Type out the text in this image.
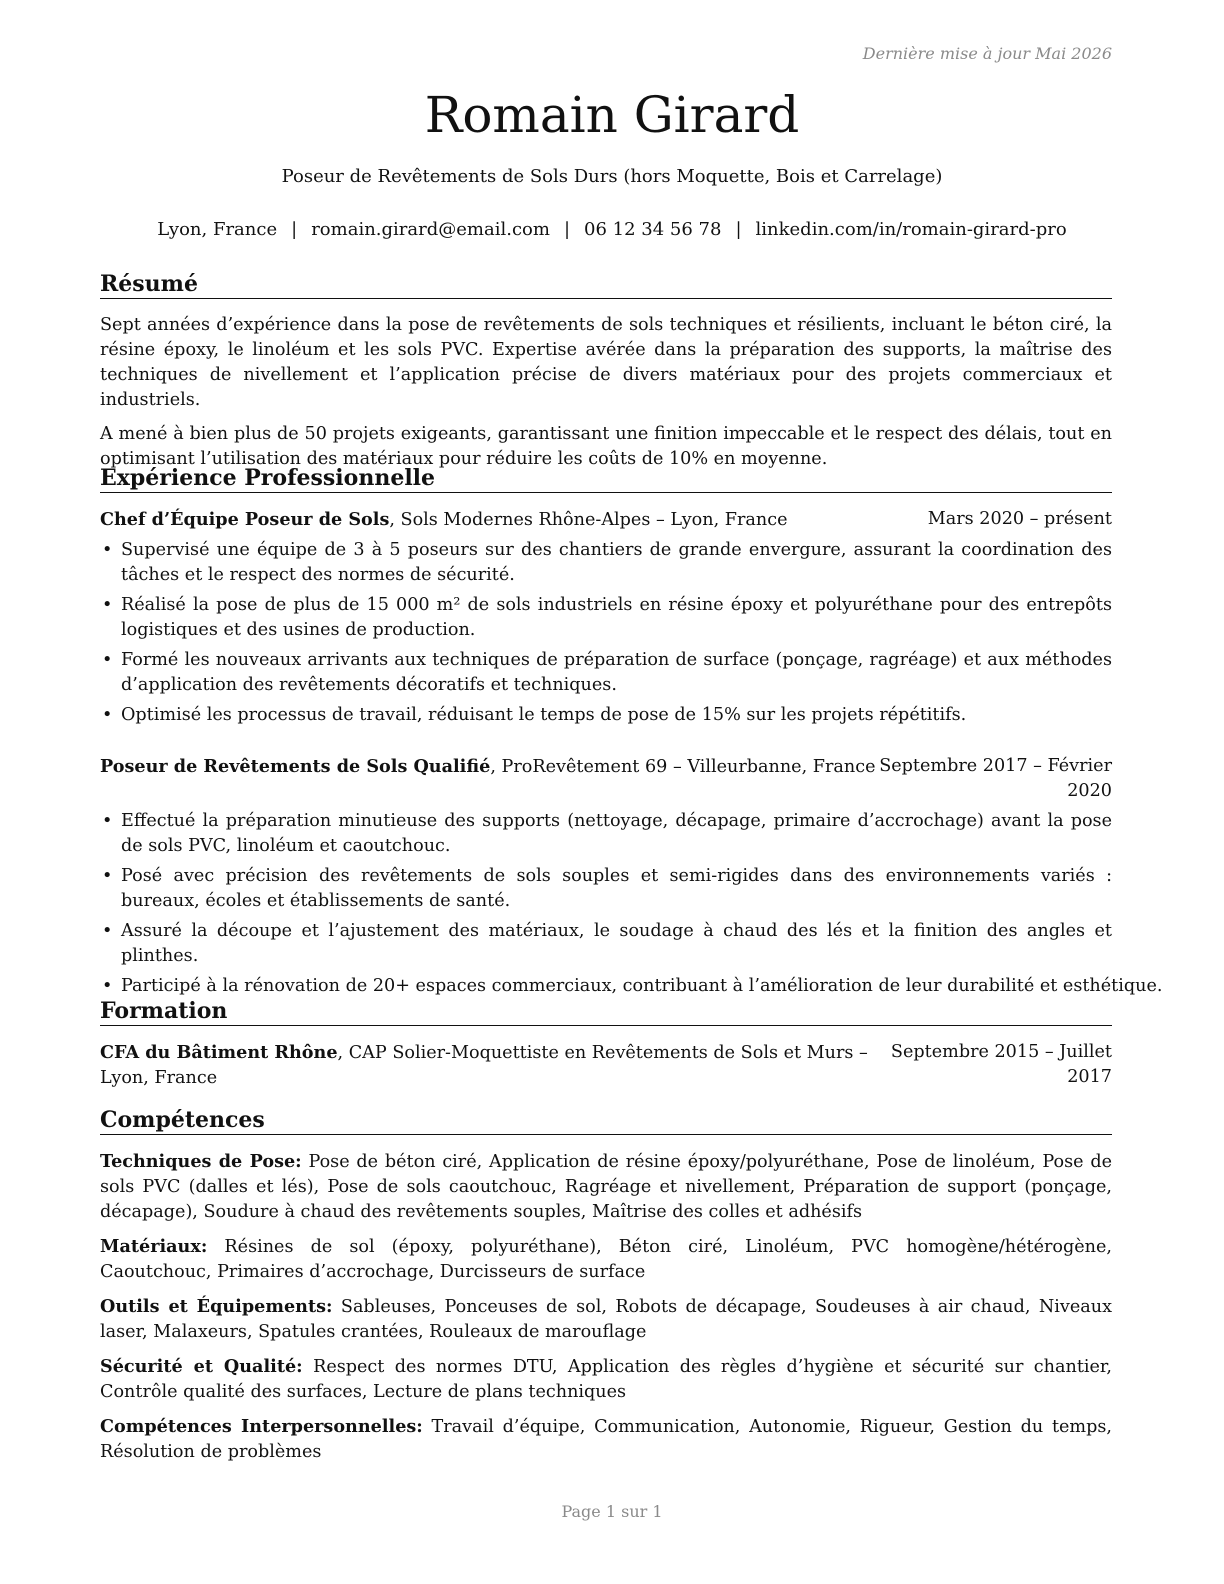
Dernière mise à jour Mai 2026
Romain Girard
Poseur de Revêtements de Sols Durs (hors Moquette, Bois et Carrelage)
Lyon, France | romain.girard@email.com | 06 12 34 56 78 | linkedin.com/in/romain-girard-pro
Résumé

Sept années d’expérience dans la pose de revêtements de sols techniques et résilients, incluant le béton ciré, la résine époxy, le linoléum et les sols PVC. Expertise avérée dans la préparation des supports, la maîtrise des techniques de nivellement et l’application précise de divers matériaux pour des projets commerciaux et industriels.

A mené à bien plus de 50 projets exigeants, garantissant une finition impeccable et le respect des délais, tout en optimisant l’utilisation des matériaux pour réduire les coûts de 10% en moyenne.

Expérience Professionnelle
Chef d’Équipe Poseur de Sols, Sols Modernes Rhône-Alpes – Lyon, France	Mars 2020 – présent
• Supervisé une équipe de 3 à 5 poseurs sur des chantiers de grande envergure, assurant la coordination des tâches et le respect des normes de sécurité.
• Réalisé la pose de plus de 15 000 m² de sols industriels en résine époxy et polyuréthane pour des entrepôts logistiques et des usines de production.
• Formé les nouveaux arrivants aux techniques de préparation de surface (ponçage, ragréage) et aux méthodes d’application des revêtements décoratifs et techniques.
• Optimisé les processus de travail, réduisant le temps de pose de 15% sur les projets répétitifs.
Poseur de Revêtements de Sols Qualifié, ProRevêtement 69 – Villeurbanne, France Septembre 2017 – Février 2020
• Effectué la préparation minutieuse des supports (nettoyage, décapage, primaire d’accrochage) avant la pose de sols PVC, linoléum et caoutchouc.
• Posé avec précision des revêtements de sols souples et semi-rigides dans des environnements variés : bureaux, écoles et établissements de santé.
• Assuré la découpe et l’ajustement des matériaux, le soudage à chaud des lés et la finition des angles et plinthes.
• Participé à la rénovation de 20+ espaces commerciaux, contribuant à l’amélioration de leur durabilité et esthétique.
Formation
CFA du Bâtiment Rhône, CAP Solier-Moquettiste en Revêtements de Sols et Murs – Lyon, France
Septembre 2015 – Juillet 2017
Compétences

Techniques de Pose: Pose de béton ciré, Application de résine époxy/polyuréthane, Pose de linoléum, Pose de sols PVC (dalles et lés), Pose de sols caoutchouc, Ragréage et nivellement, Préparation de support (ponçage, décapage), Soudure à chaud des revêtements souples, Maîtrise des colles et adhésifs

Matériaux: Résines de sol (époxy, polyuréthane), Béton ciré, Linoléum, PVC homogène/hétérogène, Caoutchouc, Primaires d’accrochage, Durcisseurs de surface

Outils et Équipements: Sableuses, Ponceuses de sol, Robots de décapage, Soudeuses à air chaud, Niveaux laser, Malaxeurs, Spatules crantées, Rouleaux de marouflage

Sécurité et Qualité: Respect des normes DTU, Application des règles d’hygiène et sécurité sur chantier, Contrôle qualité des surfaces, Lecture de plans techniques

Compétences Interpersonnelles: Travail d’équipe, Communication, Autonomie, Rigueur, Gestion du temps, Résolution de problèmes

Page 1 sur 1
